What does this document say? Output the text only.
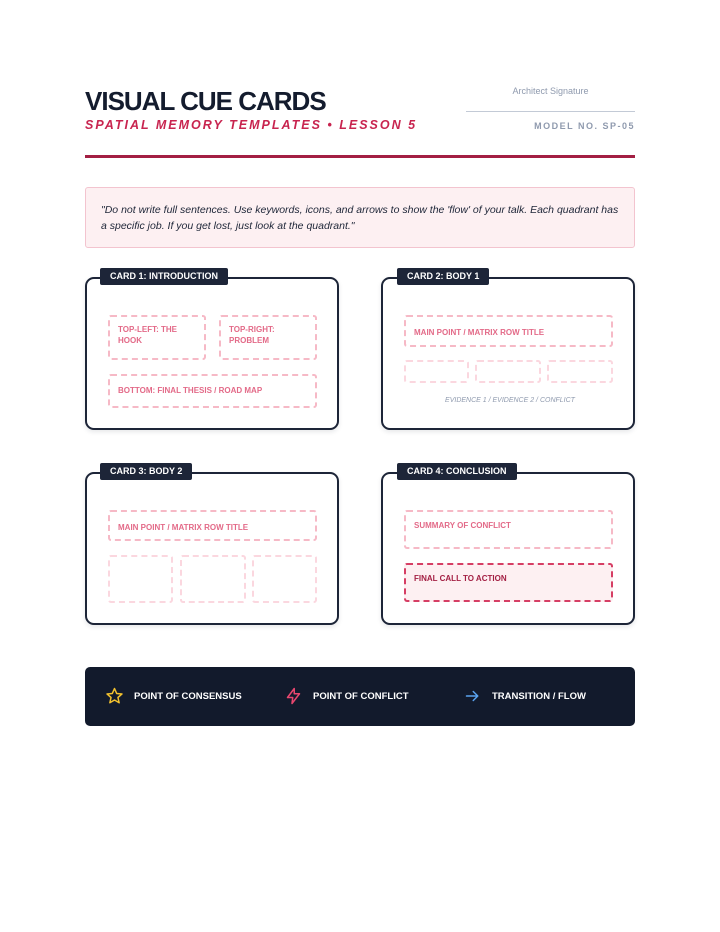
VISUAL CUE CARDS
SPATIAL MEMORY TEMPLATES • LESSON 5
Architect Signature
MODEL NO. SP-05
"Do not write full sentences. Use keywords, icons, and arrows to show the 'flow' of your talk. Each quadrant has a specific job. If you get lost, just look at the quadrant."
TOP-LEFT: THE HOOK
TOP-RIGHT: PROBLEM
BOTTOM: FINAL THESIS / ROAD MAP
CARD 1: INTRODUCTION
MAIN POINT / MATRIX ROW TITLE
EVIDENCE 1 / EVIDENCE 2 / CONFLICT
CARD 2: BODY 1
MAIN POINT / MATRIX ROW TITLE
CARD 3: BODY 2
SUMMARY OF CONFLICT
FINAL CALL TO ACTION
CARD 4: CONCLUSION
POINT OF CONSENSUS	POINT OF CONFLICT	TRANSITION / FLOW
